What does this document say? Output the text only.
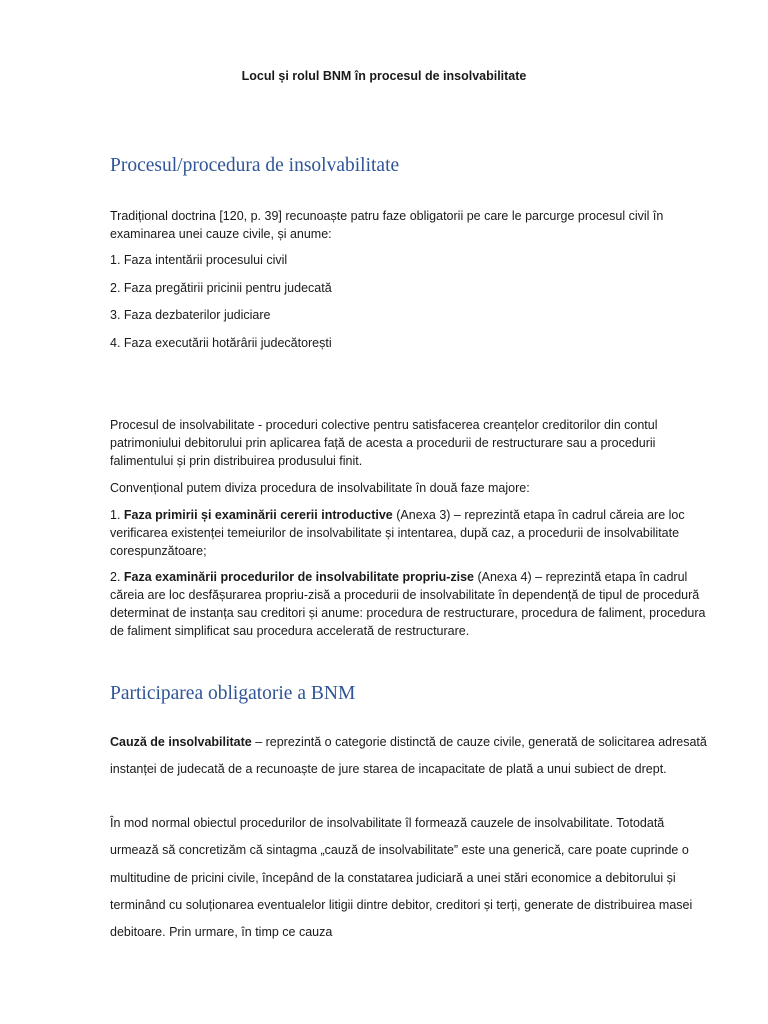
Locul și rolul BNM în procesul de insolvabilitate
Procesul/procedura de insolvabilitate

Tradițional doctrina [120, p. 39] recunoaște patru faze obligatorii pe care le parcurge procesul civil în examinarea unei cauze civile, și anume:

1. Faza intentării procesului civil

2. Faza pregătirii pricinii pentru judecată

3. Faza dezbaterilor judiciare

4. Faza executării hotărârii judecătorești

Procesul de insolvabilitate - proceduri colective pentru satisfacerea creanțelor creditorilor din contul patrimoniului debitorului prin aplicarea față de acesta a procedurii de restructurare sau a procedurii falimentului și prin distribuirea produsului finit.

Convențional putem diviza procedura de insolvabilitate în două faze majore:

1. Faza primirii și examinării cererii introductive (Anexa 3) – reprezintă etapa în cadrul căreia are loc verificarea existenței temeiurilor de insolvabilitate și intentarea, după caz, a procedurii de insolvabilitate corespunzătoare;

2. Faza examinării procedurilor de insolvabilitate propriu-zise (Anexa 4) – reprezintă etapa în cadrul căreia are loc desfășurarea propriu-zisă a procedurii de insolvabilitate în dependență de tipul de procedură determinat de instanța sau creditori și anume: procedura de restructurare, procedura de faliment, procedura de faliment simplificat sau procedura accelerată de restructurare.

Participarea obligatorie a BNM

Cauză de insolvabilitate – reprezintă o categorie distinctă de cauze civile, generată de solicitarea adresată instanței de judecată de a recunoaște de jure starea de incapacitate de plată a unui subiect de drept.

În mod normal obiectul procedurilor de insolvabilitate îl formează cauzele de insolvabilitate. Totodată urmează să concretizăm că sintagma „cauză de insolvabilitate” este una generică, care poate cuprinde o multitudine de pricini civile, începând de la constatarea judiciară a unei stări economice a debitorului și terminând cu soluționarea eventualelor litigii dintre debitor, creditori și terți, generate de distribuirea masei debitoare. Prin urmare, în timp ce cauza
